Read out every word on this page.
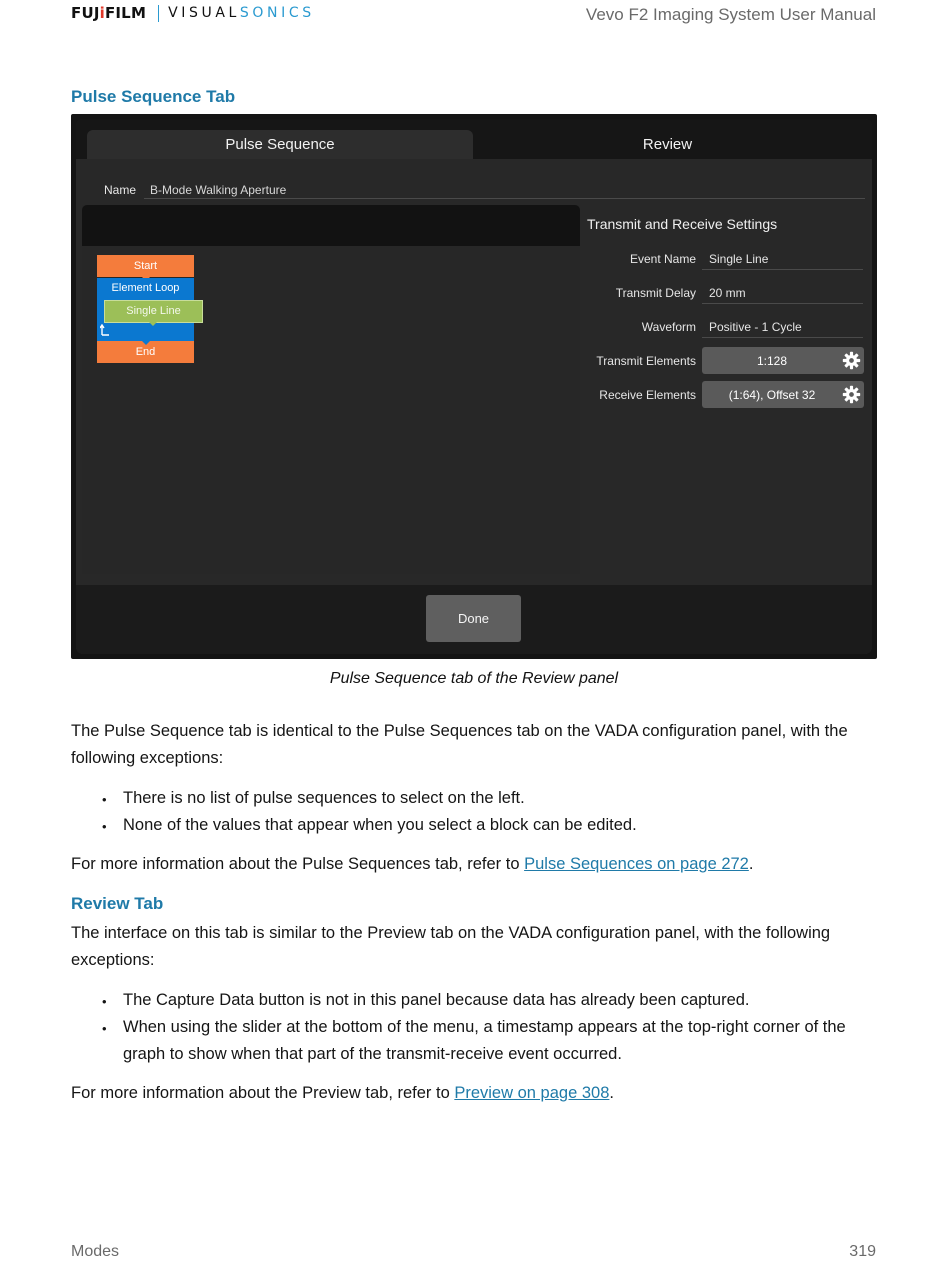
FUJiFILM VISUALSONICS	Vevo F2 Imaging System User Manual
Pulse Sequence Tab
Pulse Sequence	Review
Name B-Mode Walking Aperture
Start
Element Loop
Single Line
End
Transmit and Receive Settings
Event Name Single Line
Transmit Delay 20 mm
Waveform Positive - 1 Cycle
Transmit Elements	1:128
Receive Elements	(1:64), Offset 32
Done
Pulse Sequence tab of the Review panel
The Pulse Sequence tab is identical to the Pulse Sequences tab on the VADA configuration panel, with the following exceptions:
• There is no list of pulse sequences to select on the left.
• None of the values that appear when you select a block can be edited.
For more information about the Pulse Sequences tab, refer to Pulse Sequences on page 272.
Review Tab
The interface on this tab is similar to the Preview tab on the VADA configuration panel, with the following exceptions:
• The Capture Data button is not in this panel because data has already been captured.
• When using the slider at the bottom of the menu, a timestamp appears at the top-right corner of the graph to show when that part of the transmit-receive event occurred.
For more information about the Preview tab, refer to Preview on page 308.
Modes	319
